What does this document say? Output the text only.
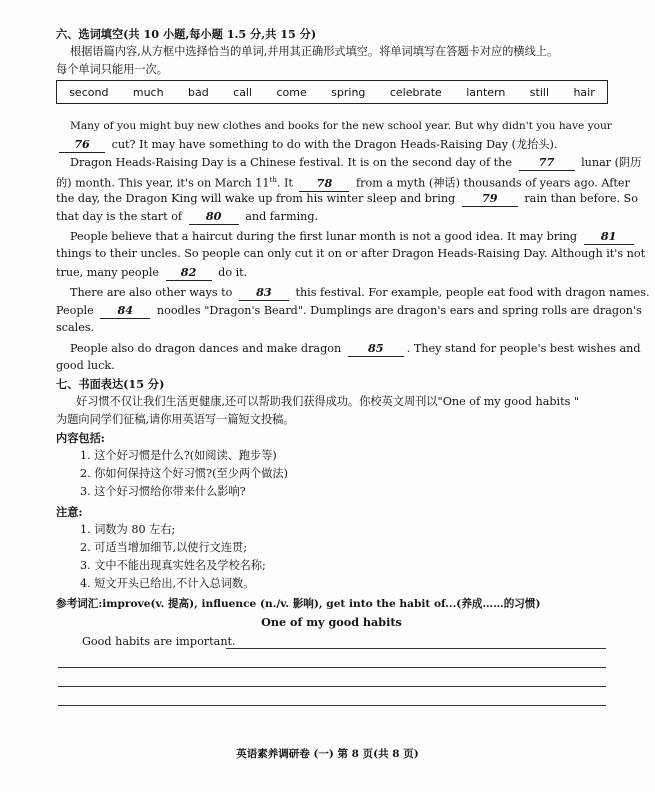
六、选词填空(共 10 小题,每小题 1.5 分,共 15 分)
根据语篇内容,从方框中选择恰当的单词,并用其正确形式填空。将单词填写在答题卡对应的横线上。
每个单词只能用一次。
second much bad call come spring celebrate lantern still hair
Many of you might buy new clothes and books for the new school year. But why didn't you have your
76 cut? It may have something to do with the Dragon Heads-Raising Day (龙抬头).
Dragon Heads-Raising Day is a Chinese festival. It is on the second day of the 77 lunar (阴历
的) month. This year, it's on March 11th. It 78 from a myth (神话) thousands of years ago. After
the day, the Dragon King will wake up from his winter sleep and bring 79 rain than before. So
that day is the start of 80 and farming.
People believe that a haircut during the first lunar month is not a good idea. It may bring 81
things to their uncles. So people can only cut it on or after Dragon Heads-Raising Day. Although it's not
true, many people 82 do it.
There are also other ways to 83 this festival. For example, people eat food with dragon names.
People 84 noodles "Dragon's Beard". Dumplings are dragon's ears and spring rolls are dragon's
scales.
People also do dragon dances and make dragon 85 . They stand for people's best wishes and
good luck.
七、书面表达(15 分)
好习惯不仅让我们生活更健康,还可以帮助我们获得成功。你校英文周刊以"One of my good habits "
为题向同学们征稿,请你用英语写一篇短文投稿。
内容包括:
1. 这个好习惯是什么?(如阅读、跑步等)
2. 你如何保持这个好习惯?(至少两个做法)
3. 这个好习惯给你带来什么影响?
注意:
1. 词数为 80 左右;
2. 可适当增加细节,以使行文连贯;
3. 文中不能出现真实姓名及学校名称;
4. 短文开头已给出,不计入总词数。
参考词汇:improve(v. 提高), influence (n./v. 影响), get into the habit of...(养成……的习惯)
One of my good habits
Good habits are important.
英语素养调研卷 (一) 第 8 页(共 8 页)
